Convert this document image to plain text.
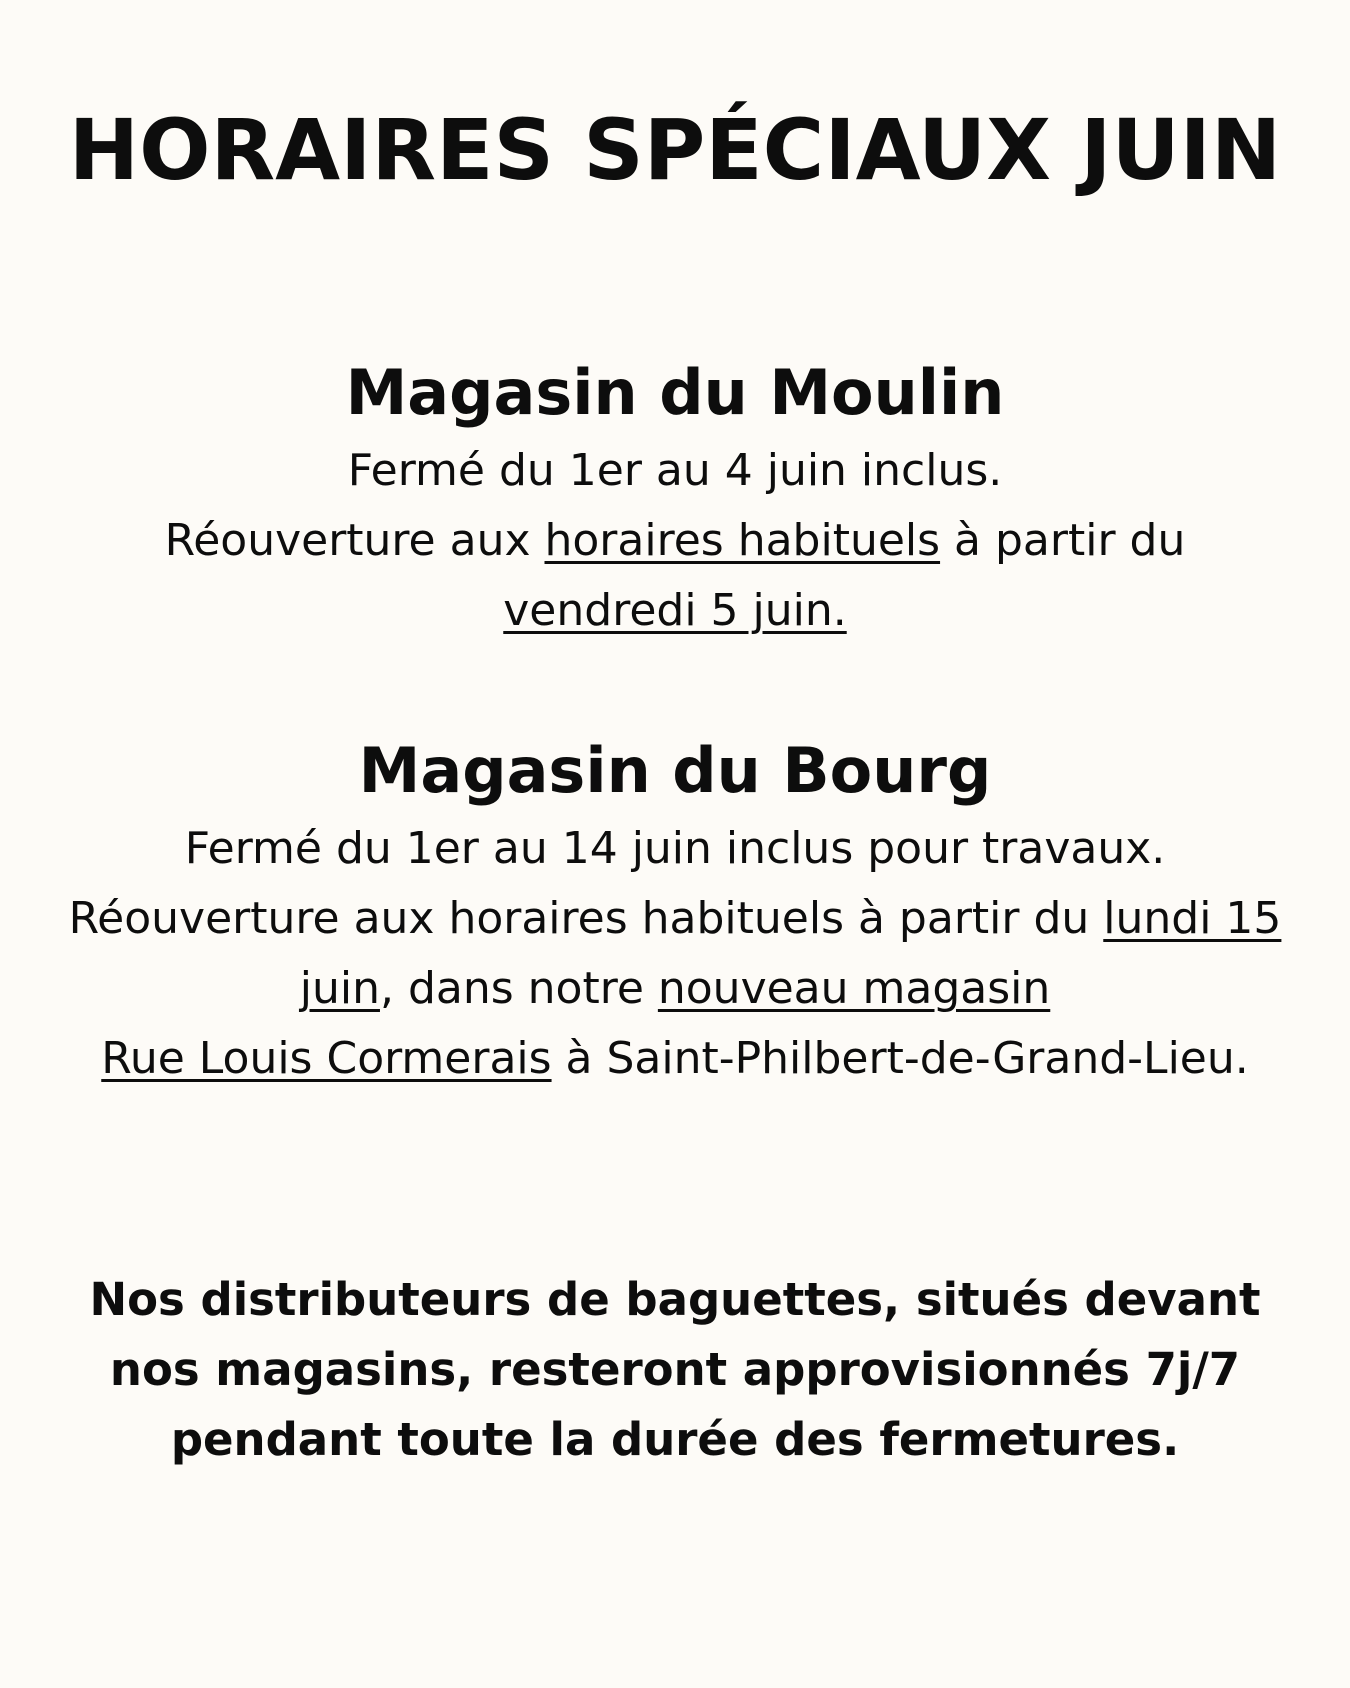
HORAIRES SPÉCIAUX JUIN
Magasin du Moulin

Fermé du 1er au 4 juin inclus.

Réouverture aux horaires habituels à partir du
vendredi 5 juin.

Magasin du Bourg

Fermé du 1er au 14 juin inclus pour travaux.

Réouverture aux horaires habituels à partir du lundi 15 juin, dans notre nouveau magasin
Rue Louis Cormerais à Saint-Philbert-de-Grand-Lieu.

Nos distributeurs de baguettes, situés devant nos magasins, resteront approvisionnés 7j/7 pendant toute la durée des fermetures.
